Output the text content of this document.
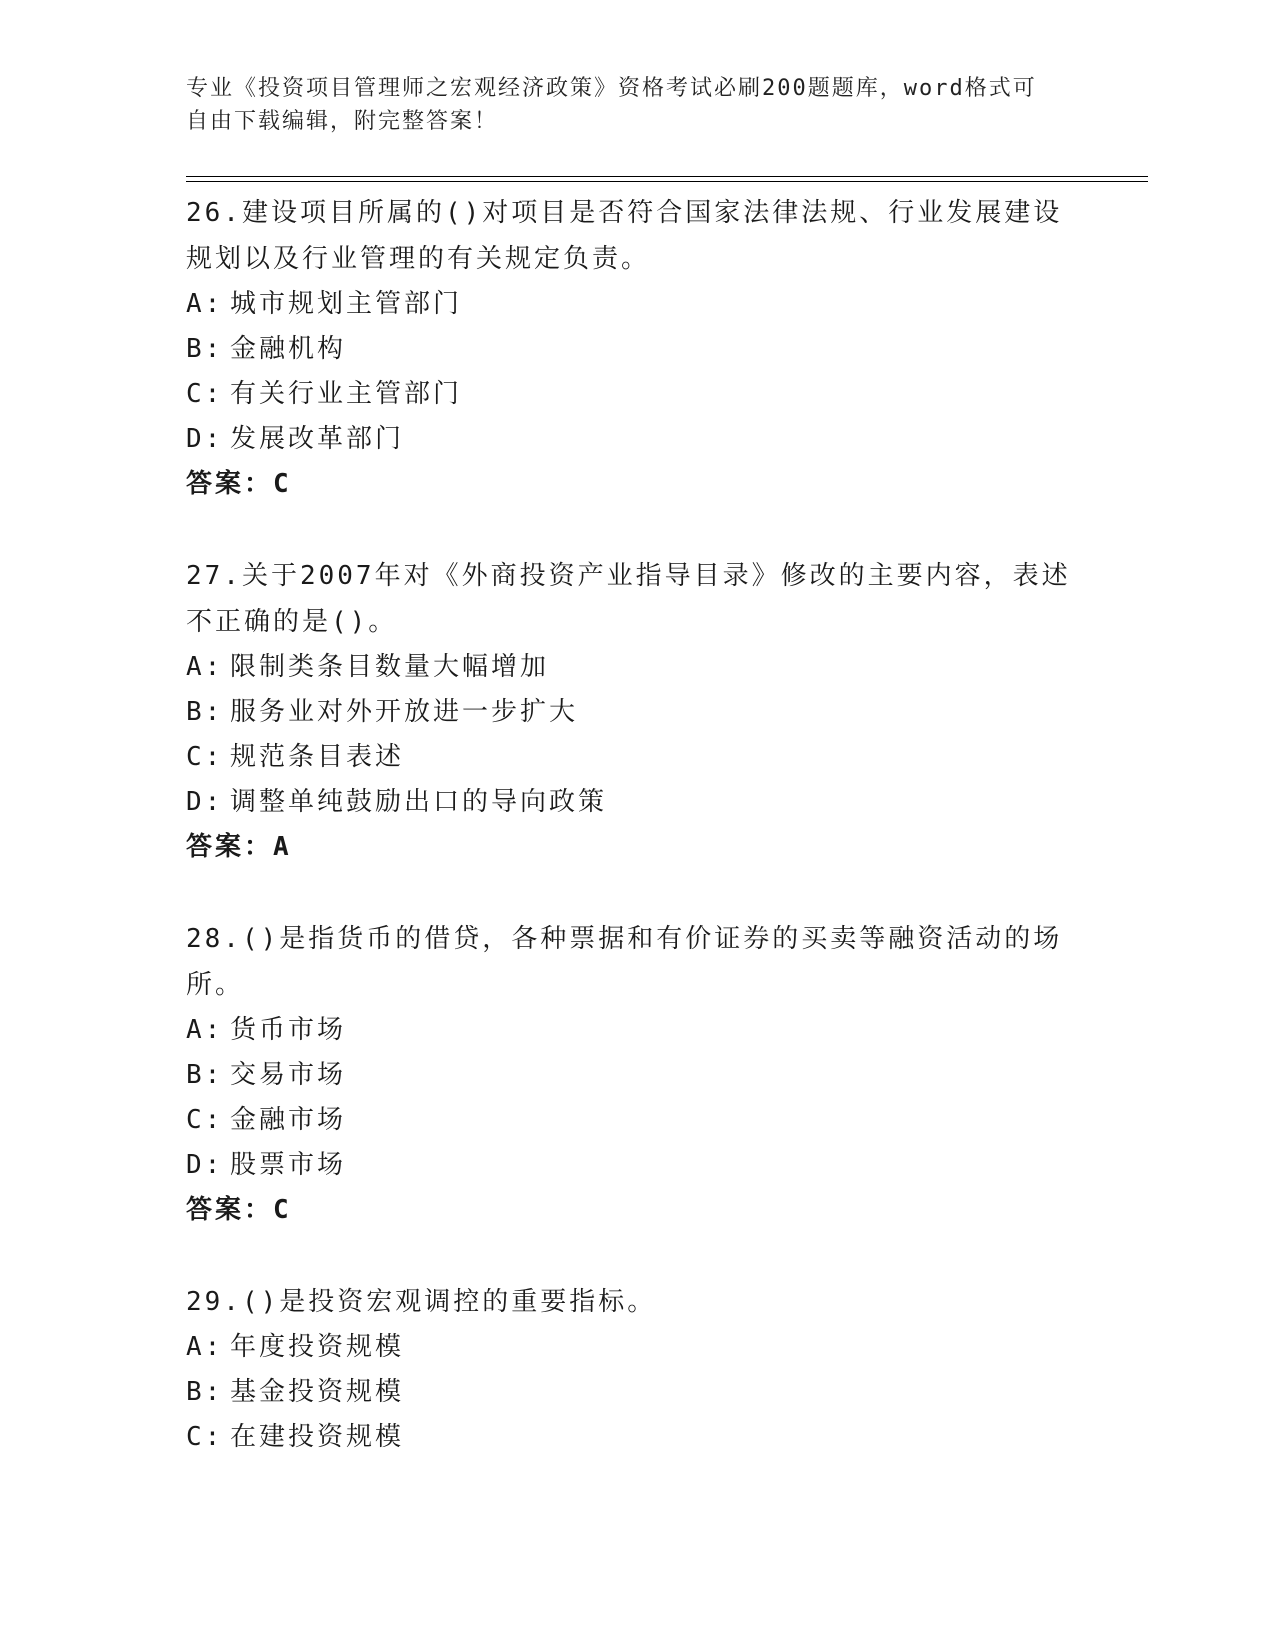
专业《投资项目管理师之宏观经济政策》资格考试必刷200题题库，word格式可
自由下载编辑，附完整答案！

26.建设项目所属的()对项目是否符合国家法律法规、行业发展建设规划以及行业管理的有关规定负责。

A: 城市规划主管部门
B: 金融机构
C: 有关行业主管部门
D: 发展改革部门
答案：C

27.关于2007年对《外商投资产业指导目录》修改的主要内容，表述不正确的是()。

A: 限制类条目数量大幅增加
B: 服务业对外开放进一步扩大
C: 规范条目表述
D: 调整单纯鼓励出口的导向政策
答案：A

28.()是指货币的借贷，各种票据和有价证券的买卖等融资活动的场所。

A: 货币市场
B: 交易市场
C: 金融市场
D: 股票市场
答案：C

29.()是投资宏观调控的重要指标。

A: 年度投资规模
B: 基金投资规模
C: 在建投资规模
